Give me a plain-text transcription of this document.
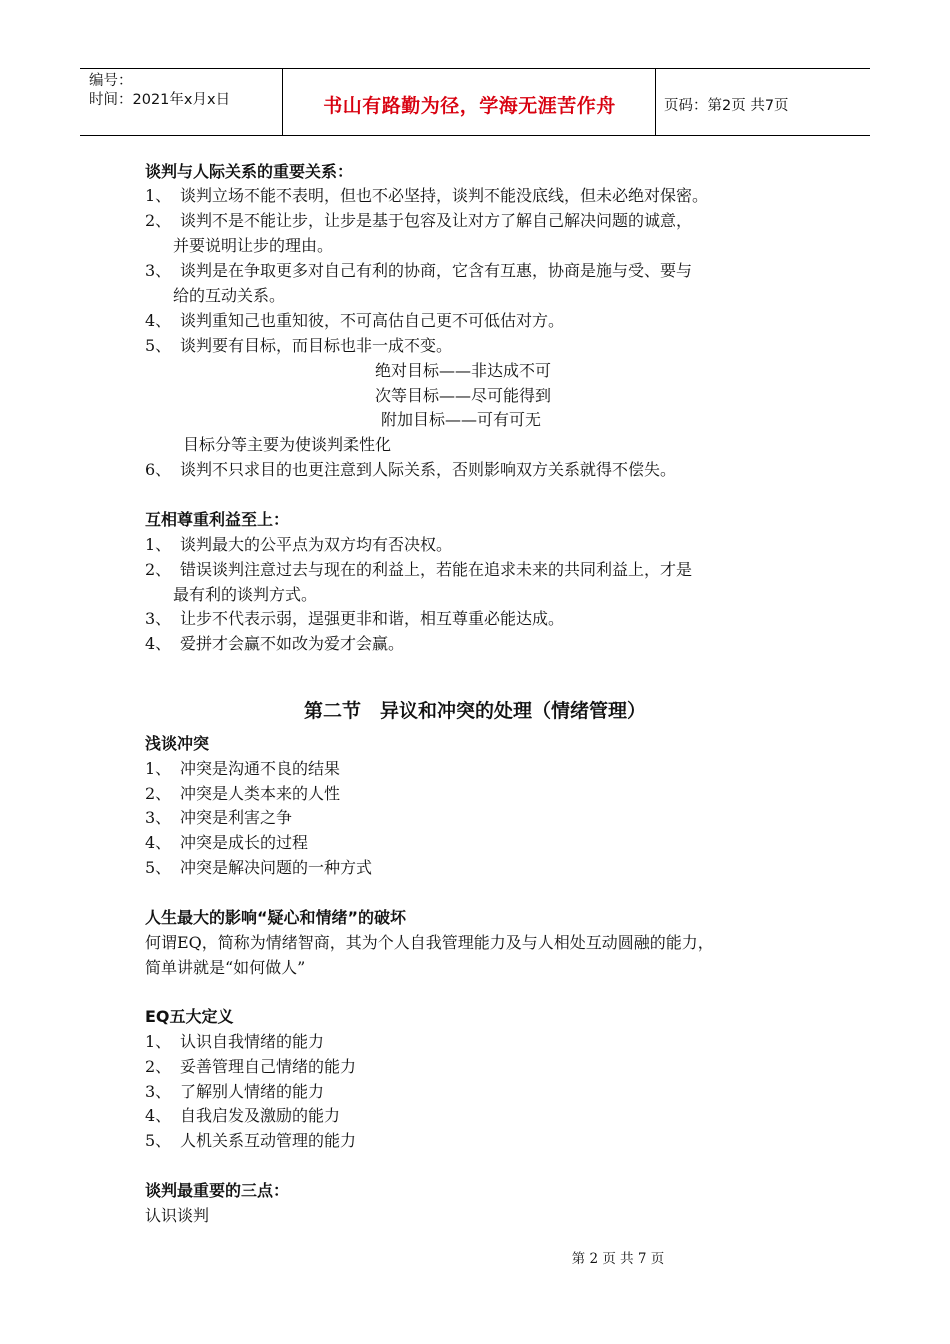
编号：
时间：2021年x月x日	书山有路勤为径，学海无涯苦作舟	页码：第2页 共7页
谈判与人际关系的重要关系：
1、 谈判立场不能不表明，但也不必坚持，谈判不能没底线，但未必绝对保密。
2、 谈判不是不能让步，让步是基于包容及让对方了解自己解决问题的诚意，
并要说明让步的理由。
3、 谈判是在争取更多对自己有利的协商，它含有互惠，协商是施与受、要与
给的互动关系。
4、 谈判重知己也重知彼，不可高估自己更不可低估对方。
5、 谈判要有目标，而目标也非一成不变。
绝对目标——非达成不可
次等目标——尽可能得到
附加目标——可有可无
目标分等主要为使谈判柔性化
6、 谈判不只求目的也更注意到人际关系，否则影响双方关系就得不偿失。
互相尊重利益至上：
1、 谈判最大的公平点为双方均有否决权。
2、 错误谈判注意过去与现在的利益上，若能在追求未来的共同利益上，才是
最有利的谈判方式。
3、 让步不代表示弱，逞强更非和谐，相互尊重必能达成。
4、 爱拼才会赢不如改为爱才会赢。
第二节　异议和冲突的处理（情绪管理）
浅谈冲突
1、 冲突是沟通不良的结果
2、 冲突是人类本来的人性
3、 冲突是利害之争
4、 冲突是成长的过程
5、 冲突是解决问题的一种方式
人生最大的影响“疑心和情绪”的破坏
何谓EQ，简称为情绪智商，其为个人自我管理能力及与人相处互动圆融的能力，
简单讲就是“如何做人”
EQ五大定义
1、 认识自我情绪的能力
2、 妥善管理自己情绪的能力
3、 了解别人情绪的能力
4、 自我启发及激励的能力
5、 人机关系互动管理的能力
谈判最重要的三点：
认识谈判
第 2 页 共 7 页
